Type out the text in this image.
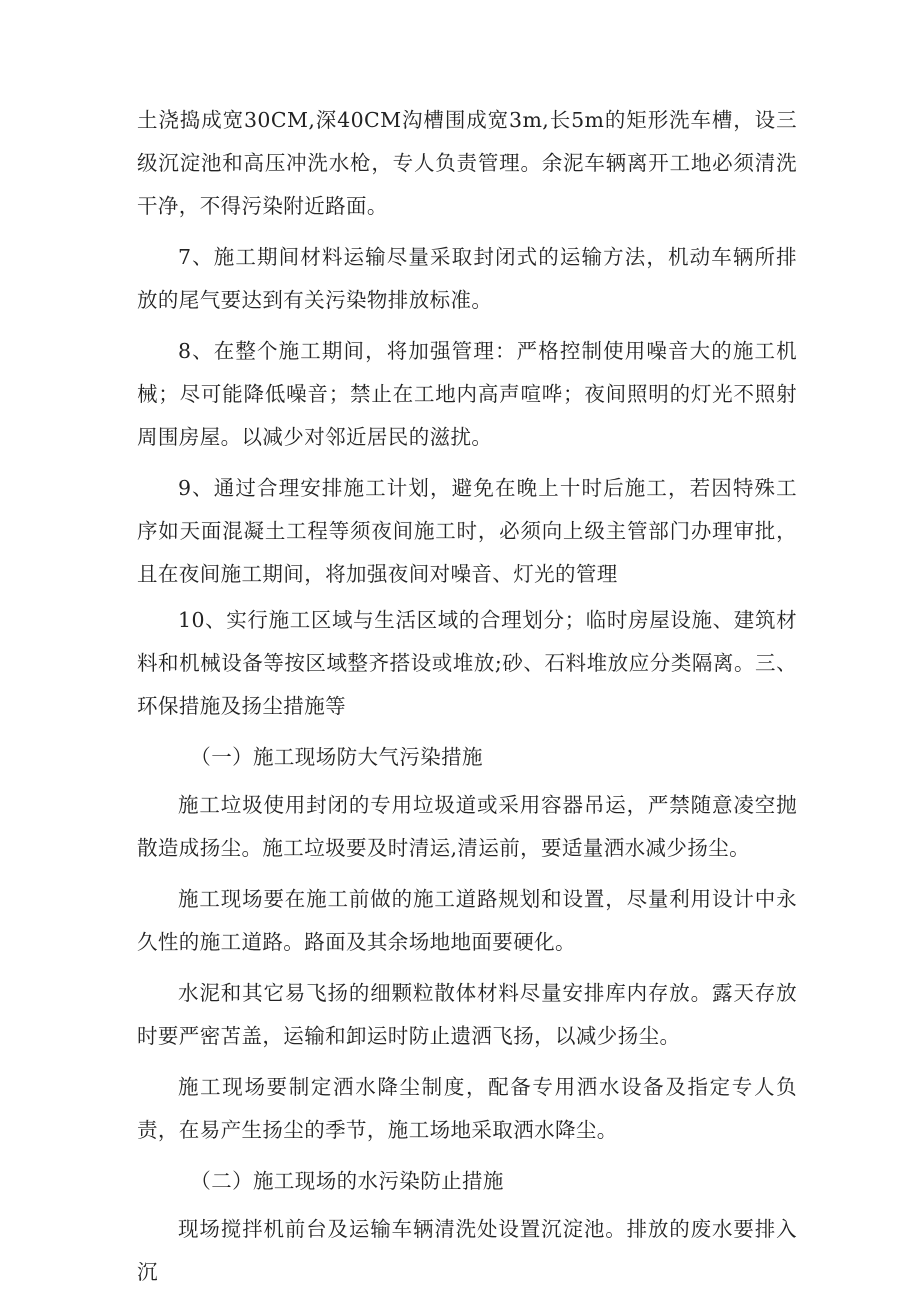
土浇捣成宽30CM,深40CM沟槽围成宽3m,长5m的矩形洗车槽，设三级沉淀池和高压冲洗水枪，专人负责管理。余泥车辆离开工地必须清洗干净，不得污染附近路面。

7、施工期间材料运输尽量采取封闭式的运输方法，机动车辆所排放的尾气要达到有关污染物排放标准。

8、在整个施工期间，将加强管理：严格控制使用噪音大的施工机械；尽可能降低噪音；禁止在工地内高声喧哗；夜间照明的灯光不照射周围房屋。以减少对邻近居民的滋扰。

9、通过合理安排施工计划，避免在晚上十时后施工，若因特殊工序如天面混凝土工程等须夜间施工时，必须向上级主管部门办理审批，且在夜间施工期间，将加强夜间对噪音、灯光的管理

10、实行施工区域与生活区域的合理划分；临时房屋设施、建筑材料和机械设备等按区域整齐搭设或堆放;砂、石料堆放应分类隔离。三、环保措施及扬尘措施等

（一）施工现场防大气污染措施

施工垃圾使用封闭的专用垃圾道或采用容器吊运，严禁随意凌空抛散造成扬尘。施工垃圾要及时清运,清运前，要适量洒水减少扬尘。

施工现场要在施工前做的施工道路规划和设置，尽量利用设计中永久性的施工道路。路面及其余场地地面要硬化。

水泥和其它易飞扬的细颗粒散体材料尽量安排库内存放。露天存放时要严密苫盖，运输和卸运时防止遗洒飞扬，以减少扬尘。

施工现场要制定洒水降尘制度，配备专用洒水设备及指定专人负责，在易产生扬尘的季节，施工场地采取洒水降尘。

（二）施工现场的水污染防止措施

现场搅拌机前台及运输车辆清洗处设置沉淀池。排放的废水要排入沉
